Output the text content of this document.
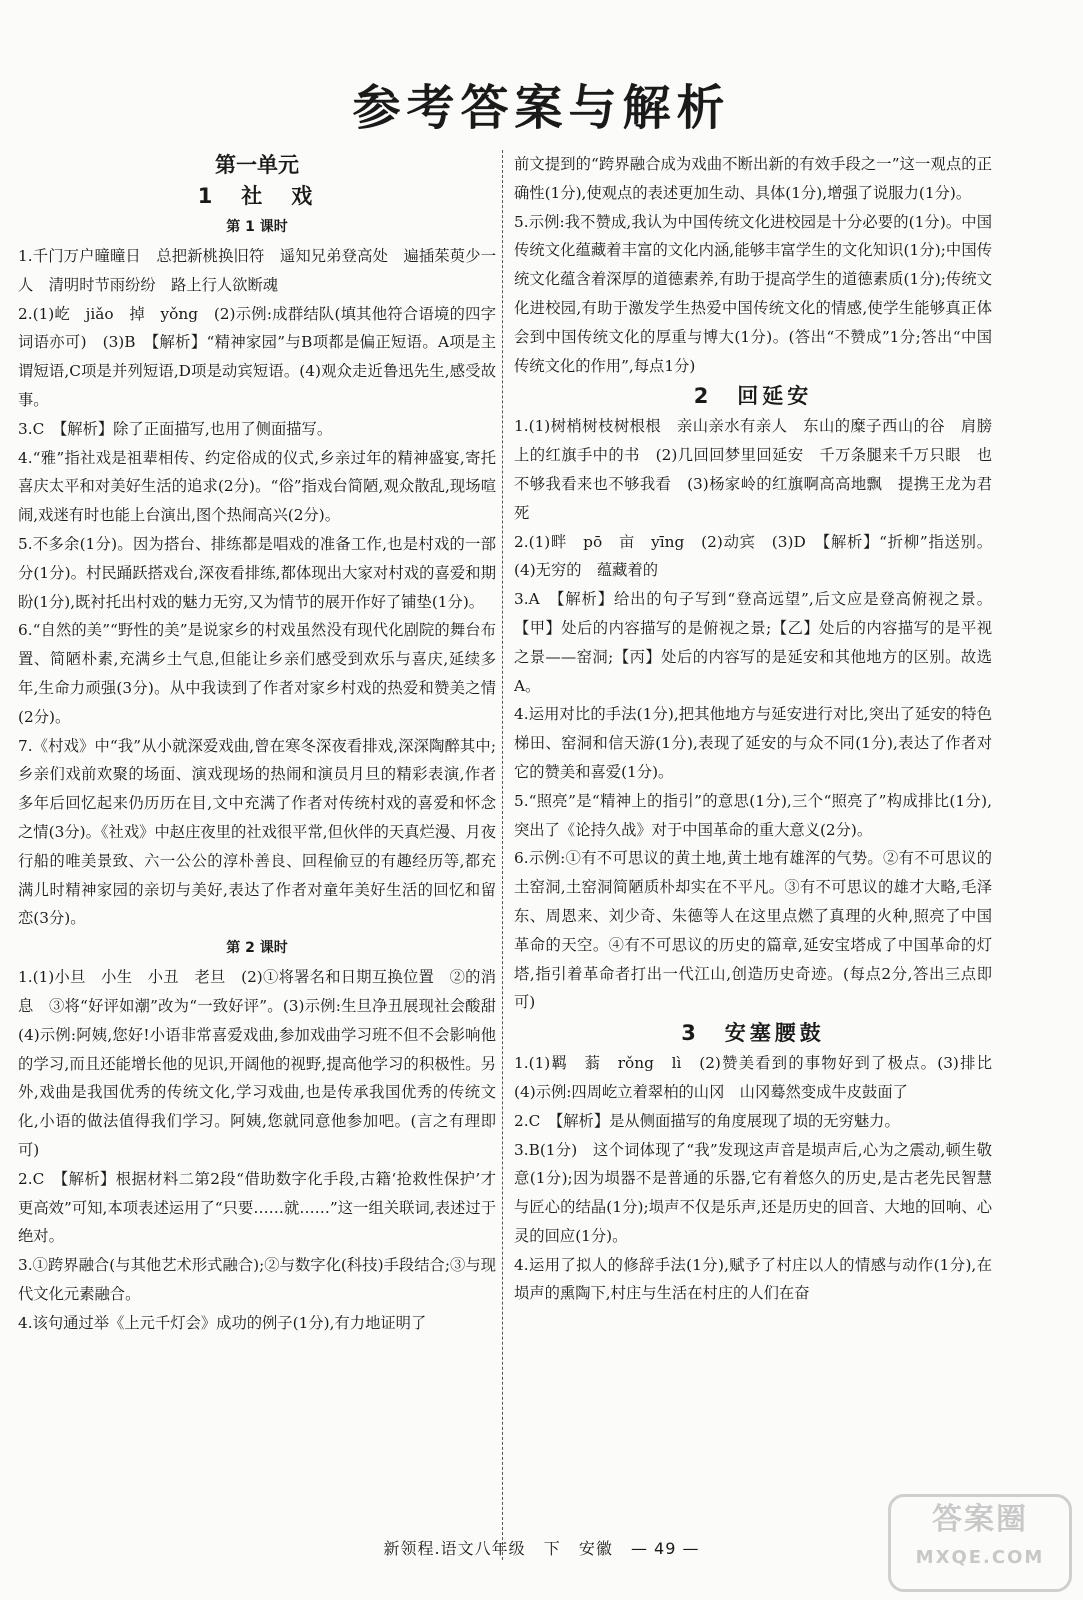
参考答案与解析
第一单元
1　社　戏
第 1 课时

1.千门万户曈曈日　总把新桃换旧符　遥知兄弟登高处　遍插茱萸少一人　清明时节雨纷纷　路上行人欲断魂

2.(1)屹　jiǎo　掉　yǒng　(2)示例:成群结队(填其他符合语境的四字词语亦可)　(3)B　【解析】“精神家园”与B项都是偏正短语。A项是主谓短语,C项是并列短语,D项是动宾短语。(4)观众走近鲁迅先生,感受故事。

3.C　【解析】除了正面描写,也用了侧面描写。

4.“雅”指社戏是祖辈相传、约定俗成的仪式,乡亲过年的精神盛宴,寄托喜庆太平和对美好生活的追求(2分)。“俗”指戏台简陋,观众散乱,现场喧闹,戏迷有时也能上台演出,图个热闹高兴(2分)。

5.不多余(1分)。因为搭台、排练都是唱戏的准备工作,也是村戏的一部分(1分)。村民踊跃搭戏台,深夜看排练,都体现出大家对村戏的喜爱和期盼(1分),既衬托出村戏的魅力无穷,又为情节的展开作好了铺垫(1分)。

6.“自然的美”“野性的美”是说家乡的村戏虽然没有现代化剧院的舞台布置、简陋朴素,充满乡土气息,但能让乡亲们感受到欢乐与喜庆,延续多年,生命力顽强(3分)。从中我读到了作者对家乡村戏的热爱和赞美之情(2分)。

7.《村戏》中“我”从小就深爱戏曲,曾在寒冬深夜看排戏,深深陶醉其中;乡亲们戏前欢聚的场面、演戏现场的热闹和演员月旦的精彩表演,作者多年后回忆起来仍历历在目,文中充满了作者对传统村戏的喜爱和怀念之情(3分)。《社戏》中赵庄夜里的社戏很平常,但伙伴的天真烂漫、月夜行船的唯美景致、六一公公的淳朴善良、回程偷豆的有趣经历等,都充满儿时精神家园的亲切与美好,表达了作者对童年美好生活的回忆和留恋(3分)。

第 2 课时

1.(1)小旦　小生　小丑　老旦　(2)①将署名和日期互换位置　②的消息　③将“好评如潮”改为“一致好评”。(3)示例:生旦净丑展现社会酸甜　(4)示例:阿姨,您好!小语非常喜爱戏曲,参加戏曲学习班不但不会影响他的学习,而且还能增长他的见识,开阔他的视野,提高他学习的积极性。另外,戏曲是我国优秀的传统文化,学习戏曲,也是传承我国优秀的传统文化,小语的做法值得我们学习。阿姨,您就同意他参加吧。(言之有理即可)

2.C　【解析】根据材料二第2段“借助数字化手段,古籍‘抢救性保护’才更高效”可知,本项表述运用了“只要……就……”这一组关联词,表述过于绝对。

3.①跨界融合(与其他艺术形式融合);②与数字化(科技)手段结合;③与现代文化元素融合。

4.该句通过举《上元千灯会》成功的例子(1分),有力地证明了

前文提到的“跨界融合成为戏曲不断出新的有效手段之一”这一观点的正确性(1分),使观点的表述更加生动、具体(1分),增强了说服力(1分)。

5.示例:我不赞成,我认为中国传统文化进校园是十分必要的(1分)。中国传统文化蕴藏着丰富的文化内涵,能够丰富学生的文化知识(1分);中国传统文化蕴含着深厚的道德素养,有助于提高学生的道德素质(1分);传统文化进校园,有助于激发学生热爱中国传统文化的情感,使学生能够真正体会到中国传统文化的厚重与博大(1分)。(答出“不赞成”1分;答出“中国传统文化的作用”,每点1分)

2　回延安

1.(1)树梢树枝树根根　亲山亲水有亲人　东山的糜子西山的谷　肩膀上的红旗手中的书　(2)几回回梦里回延安　千万条腿来千万只眼　也不够我看来也不够我看　(3)杨家岭的红旗啊高高地飘　提携王龙为君死

2.(1)畔　pō　亩　yīng　(2)动宾　(3)D　【解析】“折柳”指送别。(4)无穷的　蕴藏着的

3.A　【解析】给出的句子写到“登高远望”,后文应是登高俯视之景。【甲】处后的内容描写的是俯视之景;【乙】处后的内容描写的是平视之景——窑洞;【丙】处后的内容写的是延安和其他地方的区别。故选A。

4.运用对比的手法(1分),把其他地方与延安进行对比,突出了延安的特色梯田、窑洞和信天游(1分),表现了延安的与众不同(1分),表达了作者对它的赞美和喜爱(1分)。

5.“照亮”是“精神上的指引”的意思(1分),三个“照亮了”构成排比(1分),突出了《论持久战》对于中国革命的重大意义(2分)。

6.示例:①有不可思议的黄土地,黄土地有雄浑的气势。②有不可思议的土窑洞,土窑洞简陋质朴却实在不平凡。③有不可思议的雄才大略,毛泽东、周恩来、刘少奇、朱德等人在这里点燃了真理的火种,照亮了中国革命的天空。④有不可思议的历史的篇章,延安宝塔成了中国革命的灯塔,指引着革命者打出一代江山,创造历史奇迹。(每点2分,答出三点即可)

3　安塞腰鼓

1.(1)羁　蓊　rǒng　lì　(2)赞美看到的事物好到了极点。(3)排比　(4)示例:四周屹立着翠柏的山冈　山冈蓦然变成牛皮鼓面了

2.C　【解析】是从侧面描写的角度展现了埙的无穷魅力。

3.B(1分)　这个词体现了“我”发现这声音是埙声后,心为之震动,顿生敬意(1分);因为埙器不是普通的乐器,它有着悠久的历史,是古老先民智慧与匠心的结晶(1分);埙声不仅是乐声,还是历史的回音、大地的回响、心灵的回应(1分)。

4.运用了拟人的修辞手法(1分),赋予了村庄以人的情感与动作(1分),在埙声的熏陶下,村庄与生活在村庄的人们在奋

新领程.语文八年级 下 安徽 — 49 —
答案圈
MXQE.COM
